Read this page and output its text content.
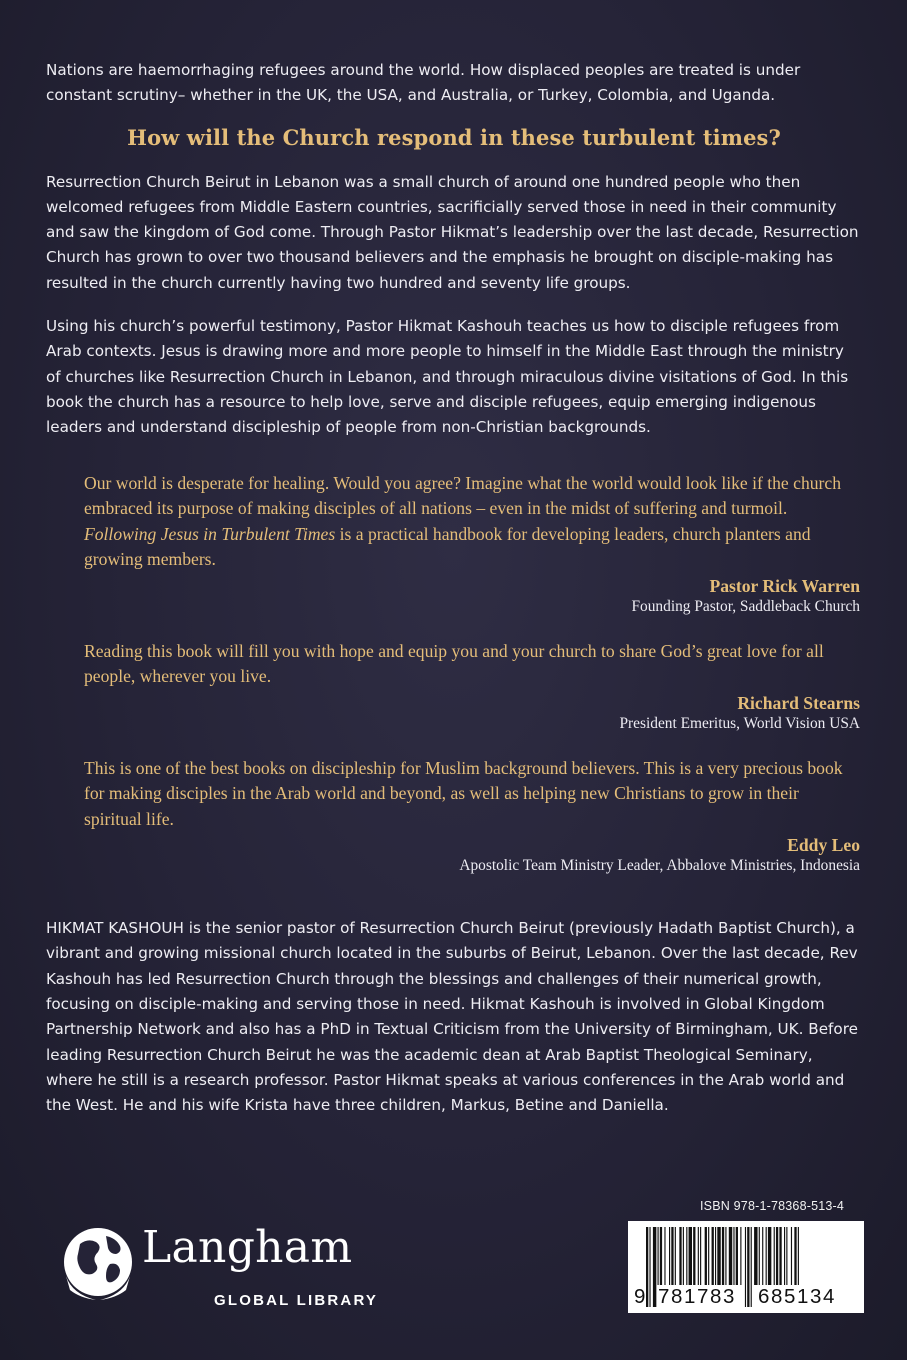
Nations are haemorrhaging refugees around the world. How displaced peoples are treated is under constant scrutiny– whether in the UK, the USA, and Australia, or Turkey, Colombia, and Uganda.

How will the Church respond in these turbulent times?

Resurrection Church Beirut in Lebanon was a small church of around one hundred people who then welcomed refugees from Middle Eastern countries, sacrificially served those in need in their community and saw the kingdom of God come. Through Pastor Hikmat’s leadership over the last decade, Resurrection Church has grown to over two thousand believers and the emphasis he brought on disciple-making has resulted in the church currently having two hundred and seventy life groups.

Using his church’s powerful testimony, Pastor Hikmat Kashouh teaches us how to disciple refugees from Arab contexts. Jesus is drawing more and more people to himself in the Middle East through the ministry of churches like Resurrection Church in Lebanon, and through miraculous divine visitations of God. In this book the church has a resource to help love, serve and disciple refugees, equip emerging indigenous leaders and understand discipleship of people from non-Christian backgrounds.

Our world is desperate for healing. Would you agree? Imagine what the world would look like if the church embraced its purpose of making disciples of all nations – even in the midst of suffering and turmoil. Following Jesus in Turbulent Times is a practical handbook for developing leaders, church planters and growing members.

Pastor Rick Warren

Founding Pastor, Saddleback Church

Reading this book will fill you with hope and equip you and your church to share God’s great love for all people, wherever you live.

Richard Stearns

President Emeritus, World Vision USA

This is one of the best books on discipleship for Muslim background believers. This is a very precious book for making disciples in the Arab world and beyond, as well as helping new Christians to grow in their spiritual life.

Eddy Leo

Apostolic Team Ministry Leader, Abbalove Ministries, Indonesia

HIKMAT KASHOUH is the senior pastor of Resurrection Church Beirut (previously Hadath Baptist Church), a vibrant and growing missional church located in the suburbs of Beirut, Lebanon. Over the last decade, Rev Kashouh has led Resurrection Church through the blessings and challenges of their numerical growth, focusing on disciple-making and serving those in need. Hikmat Kashouh is involved in Global Kingdom Partnership Network and also has a PhD in Textual Criticism from the University of Birmingham, UK. Before leading Resurrection Church Beirut he was the academic dean at Arab Baptist Theological Seminary, where he still is a research professor. Pastor Hikmat speaks at various conferences in the Arab world and the West. He and his wife Krista have three children, Markus, Betine and Daniella.

Langham
GLOBAL LIBRARY
ISBN 978-1-78368-513-4
9 781783 685134
